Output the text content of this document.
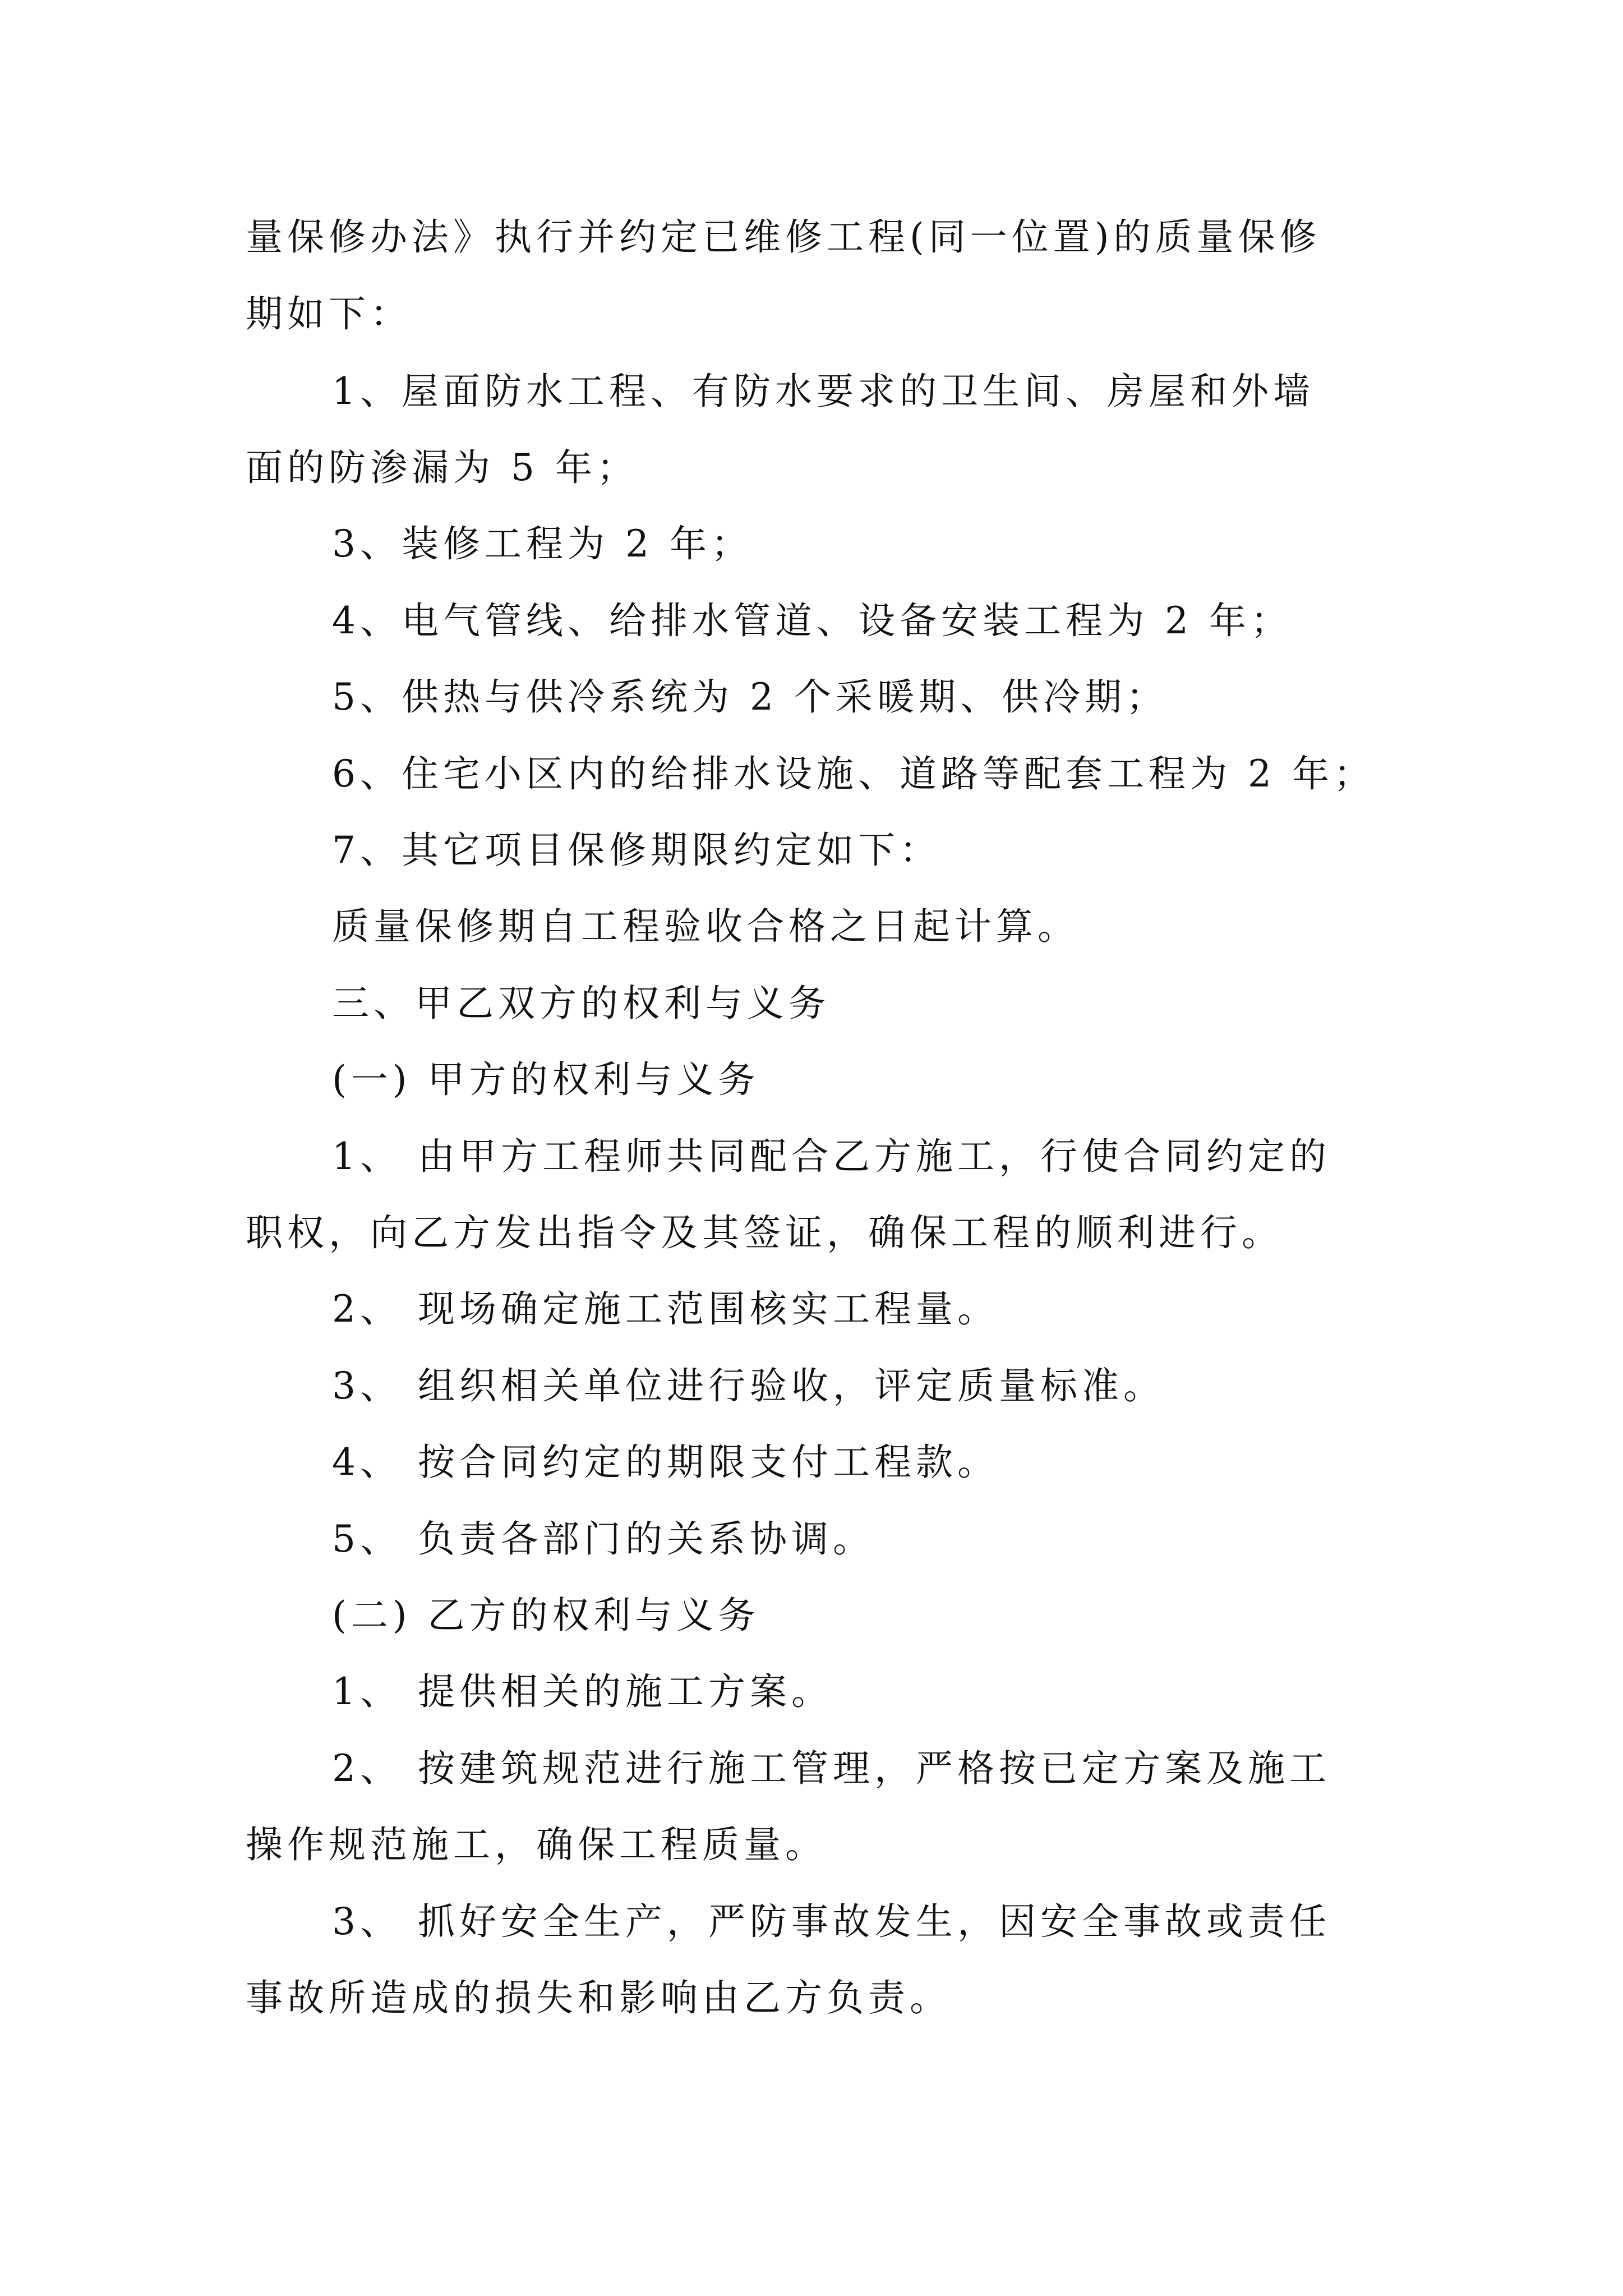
量保修办法》执行并约定已维修工程(同一位置)的质量保修
期如下：
1、屋面防水工程、有防水要求的卫生间、房屋和外墙
面的防渗漏为 5 年；
3、装修工程为 2 年；
4、电气管线、给排水管道、设备安装工程为 2 年；
5、供热与供冷系统为 2 个采暖期、供冷期；
6、住宅小区内的给排水设施、道路等配套工程为 2 年；
7、其它项目保修期限约定如下：
质量保修期自工程验收合格之日起计算。
三、甲乙双方的权利与义务
(一) 甲方的权利与义务
1、 由甲方工程师共同配合乙方施工，行使合同约定的
职权，向乙方发出指令及其签证，确保工程的顺利进行。
2、 现场确定施工范围核实工程量。
3、 组织相关单位进行验收，评定质量标准。
4、 按合同约定的期限支付工程款。
5、 负责各部门的关系协调。
(二) 乙方的权利与义务
1、 提供相关的施工方案。
2、 按建筑规范进行施工管理，严格按已定方案及施工
操作规范施工，确保工程质量。
3、 抓好安全生产，严防事故发生，因安全事故或责任
事故所造成的损失和影响由乙方负责。
